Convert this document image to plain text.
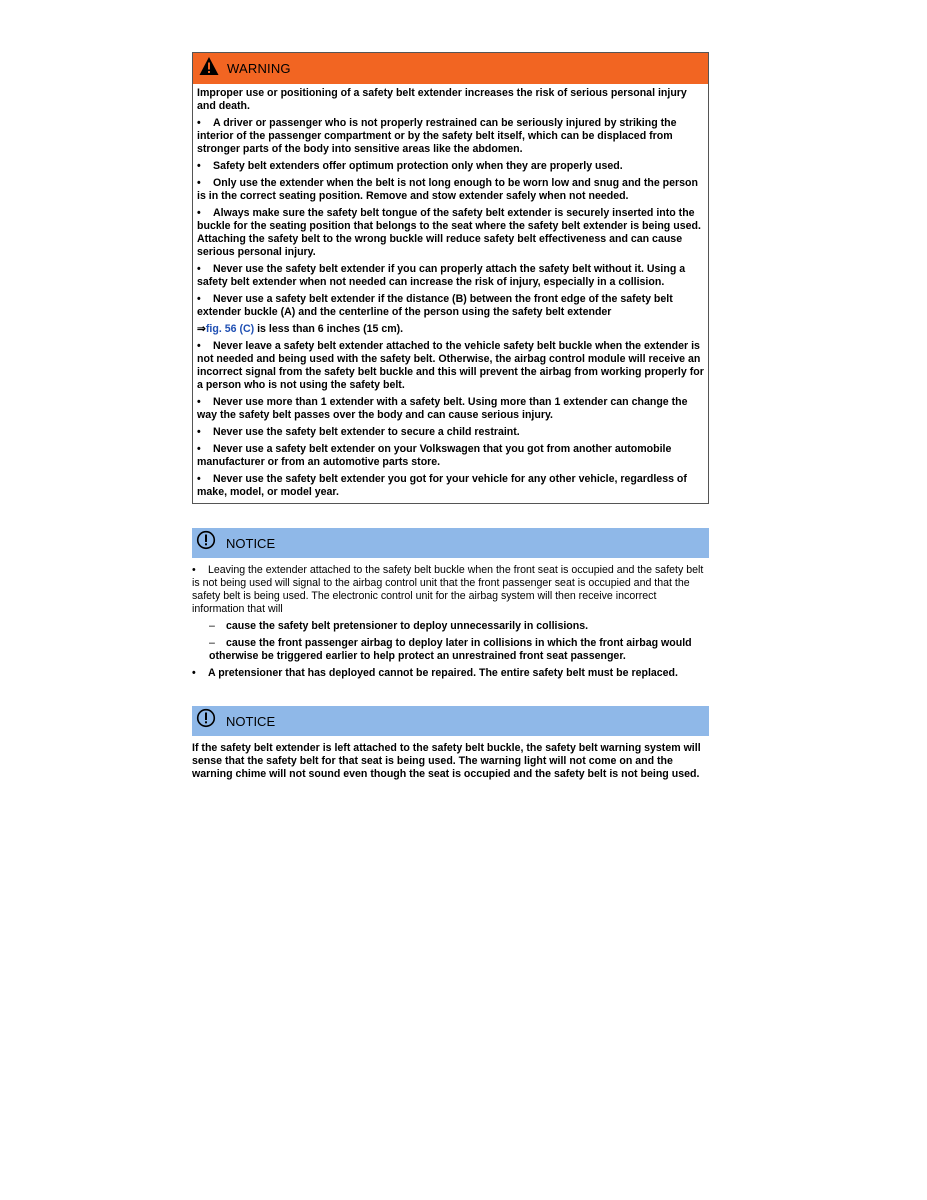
WARNING

Improper use or positioning of a safety belt extender increases the risk of serious personal injury and death.

• A driver or passenger who is not properly restrained can be seriously injured by striking the interior of the passenger compartment or by the safety belt itself, which can be displaced from stronger parts of the body into sensitive areas like the abdomen.

• Safety belt extenders offer optimum protection only when they are properly used.

• Only use the extender when the belt is not long enough to be worn low and snug and the person is in the correct seating position. Remove and stow extender safely when not needed.

• Always make sure the safety belt tongue of the safety belt extender is securely inserted into the buckle for the seating position that belongs to the seat where the safety belt extender is being used. Attaching the safety belt to the wrong buckle will reduce safety belt effectiveness and can cause serious personal injury.

• Never use the safety belt extender if you can properly attach the safety belt without it. Using a safety belt extender when not needed can increase the risk of injury, especially in a collision.

• Never use a safety belt extender if the distance (B) between the front edge of the safety belt extender buckle (A) and the centerline of the person using the safety belt extender

⇒fig. 56 (C) is less than 6 inches (15 cm).

• Never leave a safety belt extender attached to the vehicle safety belt buckle when the extender is not needed and being used with the safety belt. Otherwise, the airbag control module will receive an incorrect signal from the safety belt buckle and this will prevent the airbag from working properly for a person who is not using the safety belt.

• Never use more than 1 extender with a safety belt. Using more than 1 extender can change the way the safety belt passes over the body and can cause serious injury.

• Never use the safety belt extender to secure a child restraint.

• Never use a safety belt extender on your Volkswagen that you got from another automobile manufacturer or from an automotive parts store.

• Never use the safety belt extender you got for your vehicle for any other vehicle, regardless of make, model, or model year.

NOTICE

• Leaving the extender attached to the safety belt buckle when the front seat is occupied and the safety belt is not being used will signal to the airbag control unit that the front passenger seat is occupied and that the safety belt is being used. The electronic control unit for the airbag system will then receive incorrect information that will

– cause the safety belt pretensioner to deploy unnecessarily in collisions.

– cause the front passenger airbag to deploy later in collisions in which the front airbag would otherwise be triggered earlier to help protect an unrestrained front seat passenger.

• A pretensioner that has deployed cannot be repaired. The entire safety belt must be replaced.

NOTICE

If the safety belt extender is left attached to the safety belt buckle, the safety belt warning system will sense that the safety belt for that seat is being used. The warning light will not come on and the warning chime will not sound even though the seat is occupied and the safety belt is not being used.
